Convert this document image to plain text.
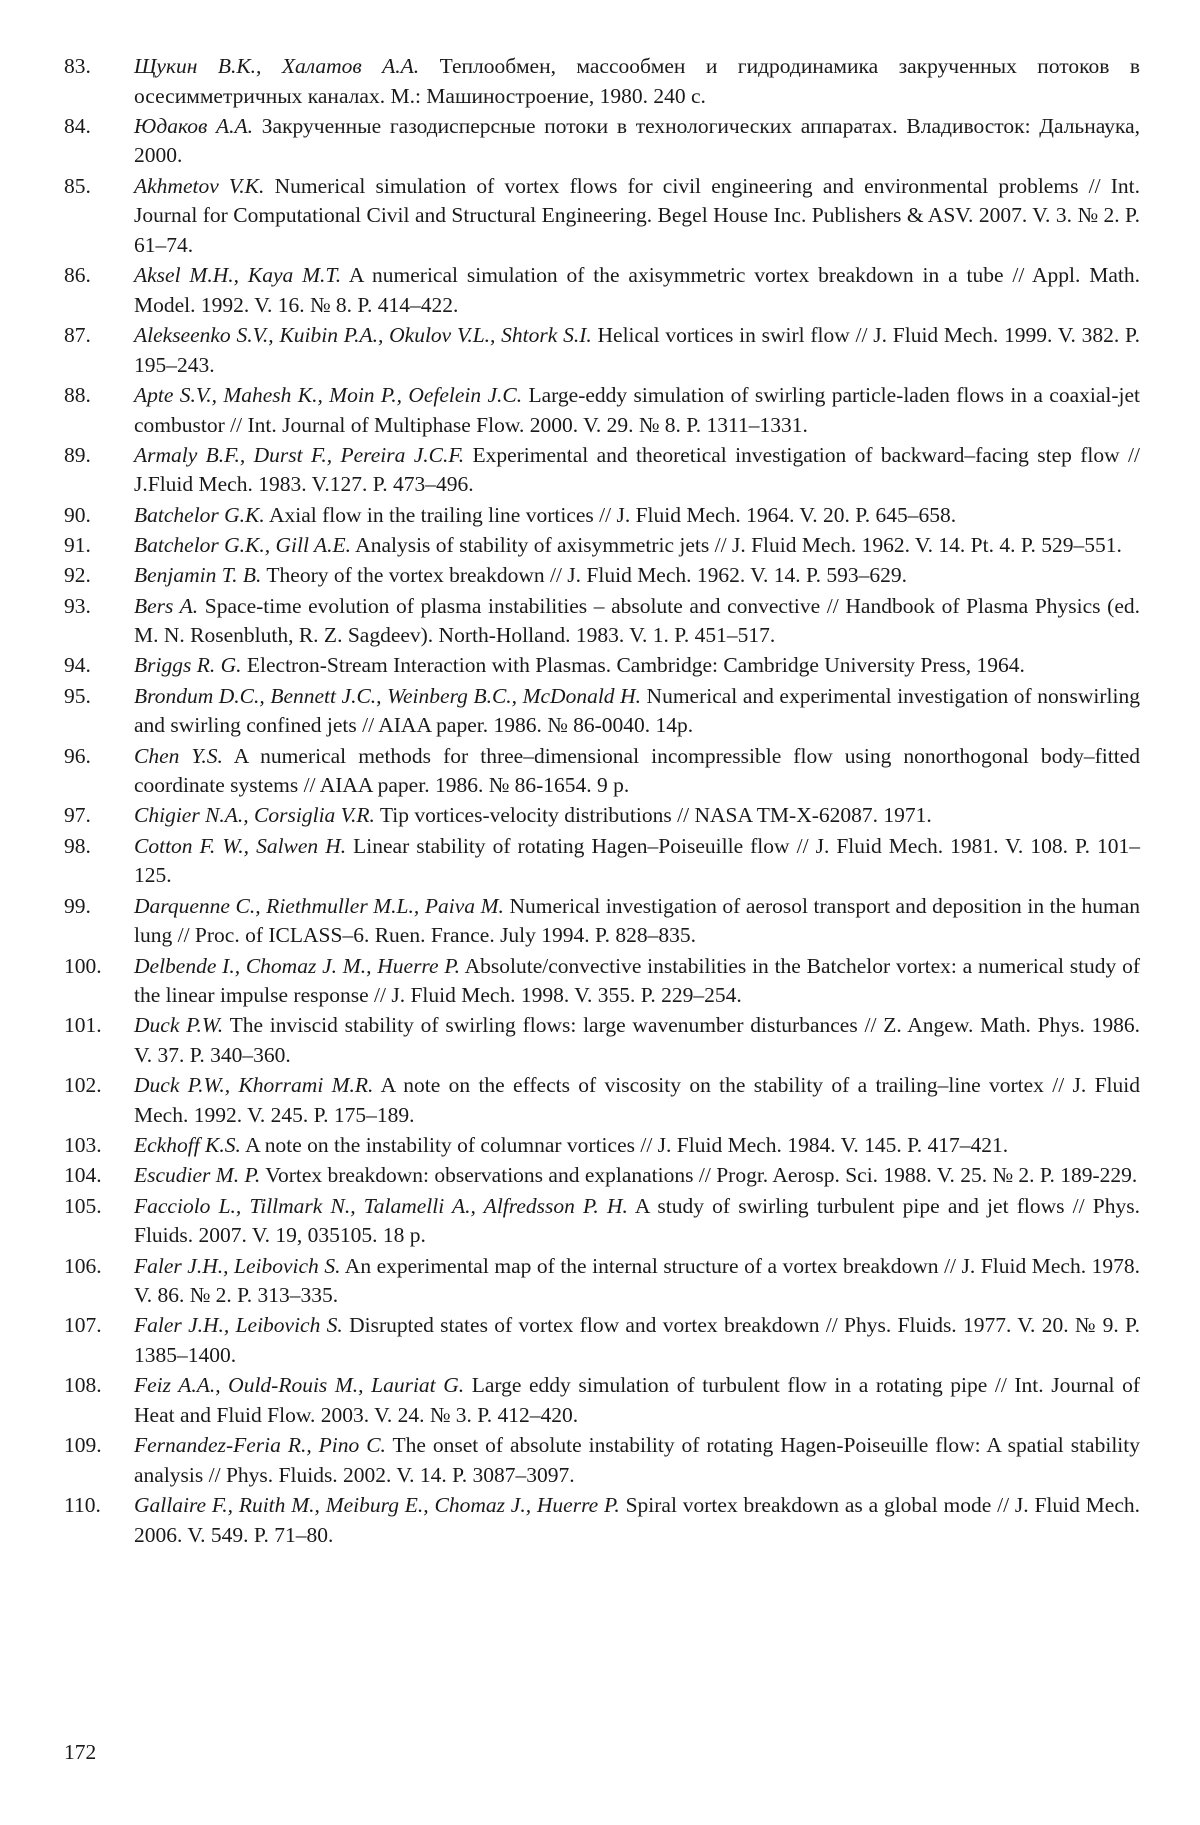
83.	Щукин В.К., Халатов А.А. Теплообмен, массообмен и гидродинамика закрученных потоков в осесимметричных каналах. М.: Машиностроение, 1980. 240 с.
84.	Юдаков А.А. Закрученные газодисперсные потоки в технологических аппаратах. Владивосток: Дальнаука, 2000.
85.	Akhmetov V.K. Numerical simulation of vortex flows for civil engineering and environmental problems // Int. Journal for Computational Civil and Structural Engineering. Begel House Inc. Publishers & ASV. 2007. V. 3. № 2. P. 61–74.
86.	Aksel M.H., Kaya M.T. A numerical simulation of the axisymmetric vortex breakdown in a tube // Appl. Math. Model. 1992. V. 16. № 8. P. 414–422.
87.	Alekseenko S.V., Kuibin P.A., Okulov V.L., Shtork S.I. Helical vortices in swirl flow // J. Fluid Mech. 1999. V. 382. P. 195–243.
88.	Apte S.V., Mahesh K., Moin P., Oefelein J.C. Large-eddy simulation of swirling particle-laden flows in a coaxial-jet combustor // Int. Journal of Multiphase Flow. 2000. V. 29. № 8. P. 1311–1331.
89.	Armaly B.F., Durst F., Pereira J.C.F. Experimental and theoretical investigation of backward–facing step flow // J.Fluid Mech. 1983. V.127. P. 473–496.
90.	Batchelor G.K. Axial flow in the trailing line vortices // J. Fluid Mech. 1964. V. 20. P. 645–658.
91.	Batchelor G.K., Gill A.E. Analysis of stability of axisymmetric jets // J. Fluid Mech. 1962. V. 14. Pt. 4. P. 529–551.
92.	Benjamin T. B. Theory of the vortex breakdown // J. Fluid Mech. 1962. V. 14. P. 593–629.
93.	Bers A. Space-time evolution of plasma instabilities – absolute and convective // Handbook of Plasma Physics (ed. M. N. Rosenbluth, R. Z. Sagdeev). North-Holland. 1983. V. 1. P. 451–517.
94.	Briggs R. G. Electron-Stream Interaction with Plasmas. Cambridge: Cambridge University Press, 1964.
95.	Brondum D.C., Bennett J.C., Weinberg B.C., McDonald H. Numerical and experimental investigation of nonswirling and swirling confined jets // AIAA paper. 1986. № 86-0040. 14p.
96.	Chen Y.S. A numerical methods for three–dimensional incompressible flow using nonorthogonal body–fitted coordinate systems // AIAA paper. 1986. № 86-1654. 9 p.
97.	Chigier N.A., Corsiglia V.R. Tip vortices-velocity distributions // NASA TM-X-62087. 1971.
98.	Cotton F. W., Salwen H. Linear stability of rotating Hagen–Poiseuille flow // J. Fluid Mech. 1981. V. 108. P. 101–125.
99.	Darquenne C., Riethmuller M.L., Paiva M. Numerical investigation of aerosol transport and deposition in the human lung // Proc. of ICLASS–6. Ruen. France. July 1994. P. 828–835.
100.	Delbende I., Chomaz J. M., Huerre P. Absolute/convective instabilities in the Batchelor vortex: a numerical study of the linear impulse response // J. Fluid Mech. 1998. V. 355. P. 229–254.
101.	Duck P.W. The inviscid stability of swirling flows: large wavenumber disturbances // Z. Angew. Math. Phys. 1986. V. 37. P. 340–360.
102.	Duck P.W., Khorrami M.R. A note on the effects of viscosity on the stability of a trailing–line vortex // J. Fluid Mech. 1992. V. 245. P. 175–189.
103.	Eckhoff K.S. A note on the instability of columnar vortices // J. Fluid Mech. 1984. V. 145. P. 417–421.
104.	Escudier M. P. Vortex breakdown: observations and explanations // Progr. Aerosp. Sci. 1988. V. 25. № 2. P. 189-229.
105.	Facciolo L., Tillmark N., Talamelli A., Alfredsson P. H. A study of swirling turbulent pipe and jet flows // Phys. Fluids. 2007. V. 19, 035105. 18 p.
106.	Faler J.H., Leibovich S. An experimental map of the internal structure of a vortex breakdown // J. Fluid Mech. 1978. V. 86. № 2. P. 313–335.
107.	Faler J.H., Leibovich S. Disrupted states of vortex flow and vortex breakdown // Phys. Fluids. 1977. V. 20. № 9. P. 1385–1400.
108.	Feiz A.A., Ould-Rouis M., Lauriat G. Large eddy simulation of turbulent flow in a rotating pipe // Int. Journal of Heat and Fluid Flow. 2003. V. 24. № 3. P. 412–420.
109.	Fernandez-Feria R., Pino C. The onset of absolute instability of rotating Hagen-Poiseuille flow: A spatial stability analysis // Phys. Fluids. 2002. V. 14. P. 3087–3097.
110.	Gallaire F., Ruith M., Meiburg E., Chomaz J., Huerre P. Spiral vortex breakdown as a global mode // J. Fluid Mech. 2006. V. 549. P. 71–80.
172
